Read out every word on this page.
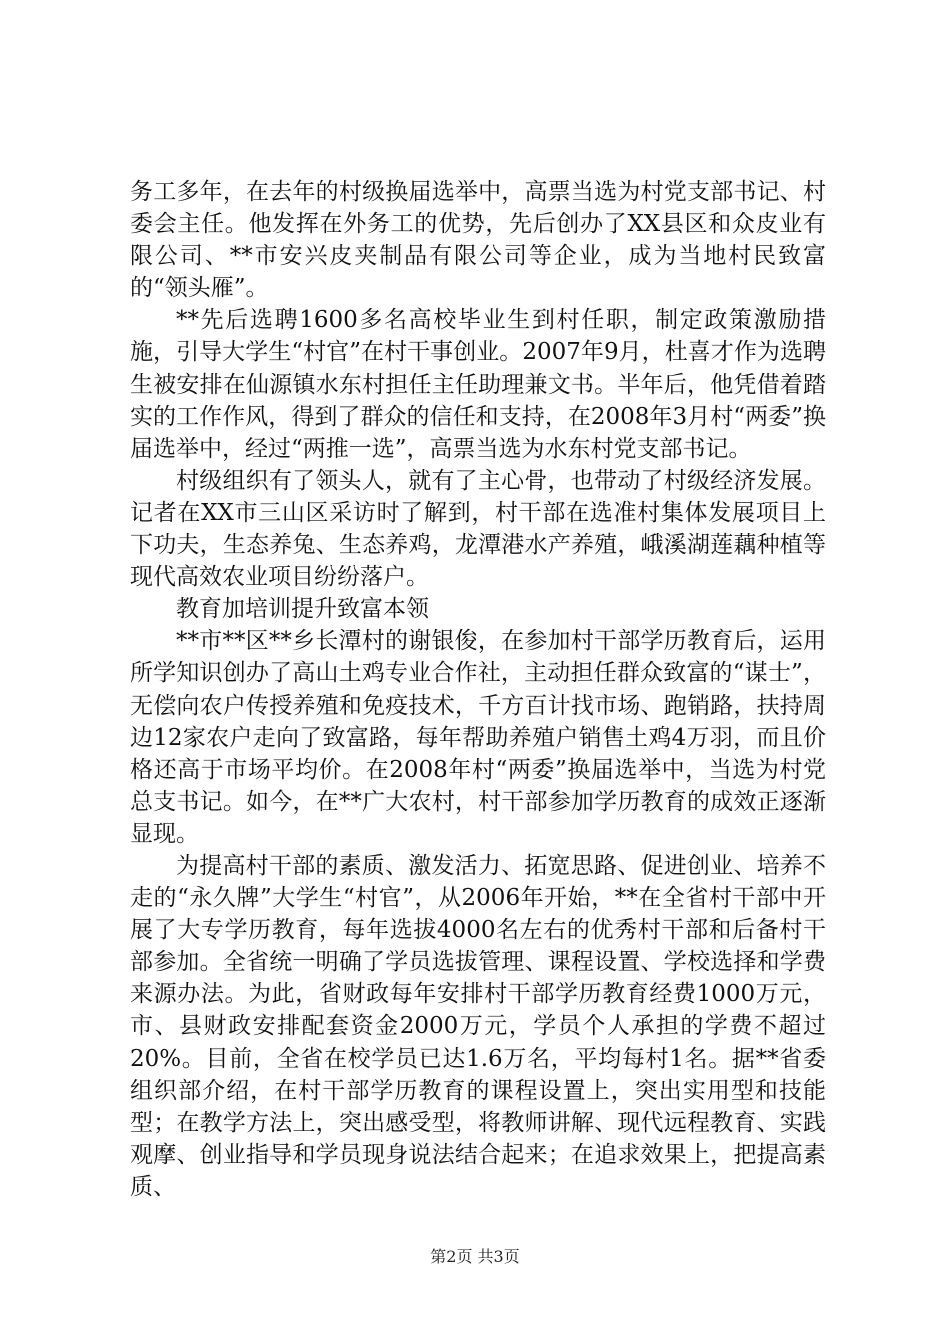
务工多年，在去年的村级换届选举中，高票当选为村党支部书记、村委会主任。他发挥在外务工的优势，先后创办了XX县区和众皮业有限公司、**市安兴皮夹制品有限公司等企业，成为当地村民致富的“领头雁”。

**先后选聘1600多名高校毕业生到村任职，制定政策激励措施，引导大学生“村官”在村干事创业。2007年9月，杜喜才作为选聘生被安排在仙源镇水东村担任主任助理兼文书。半年后，他凭借着踏实的工作作风，得到了群众的信任和支持，在2008年3月村“两委”换届选举中，经过“两推一选”，高票当选为水东村党支部书记。

村级组织有了领头人，就有了主心骨，也带动了村级经济发展。记者在XX市三山区采访时了解到，村干部在选准村集体发展项目上下功夫，生态养兔、生态养鸡，龙潭港水产养殖，峨溪湖莲藕种植等现代高效农业项目纷纷落户。

教育加培训提升致富本领

**市**区**乡长潭村的谢银俊，在参加村干部学历教育后，运用所学知识创办了高山土鸡专业合作社，主动担任群众致富的“谋士”，无偿向农户传授养殖和免疫技术，千方百计找市场、跑销路，扶持周边12家农户走向了致富路，每年帮助养殖户销售土鸡4万羽，而且价格还高于市场平均价。在2008年村“两委”换届选举中，当选为村党总支书记。如今，在**广大农村，村干部参加学历教育的成效正逐渐显现。

为提高村干部的素质、激发活力、拓宽思路、促进创业、培养不走的“永久牌”大学生“村官”，从2006年开始，**在全省村干部中开展了大专学历教育，每年选拔4000名左右的优秀村干部和后备村干部参加。全省统一明确了学员选拔管理、课程设置、学校选择和学费来源办法。为此，省财政每年安排村干部学历教育经费1000万元，市、县财政安排配套资金2000万元，学员个人承担的学费不超过20%。目前，全省在校学员已达1.6万名，平均每村1名。据**省委组织部介绍，在村干部学历教育的课程设置上，突出实用型和技能型；在教学方法上，突出感受型，将教师讲解、现代远程教育、实践观摩、创业指导和学员现身说法结合起来；在追求效果上，把提高素质、

第2页 共3页
